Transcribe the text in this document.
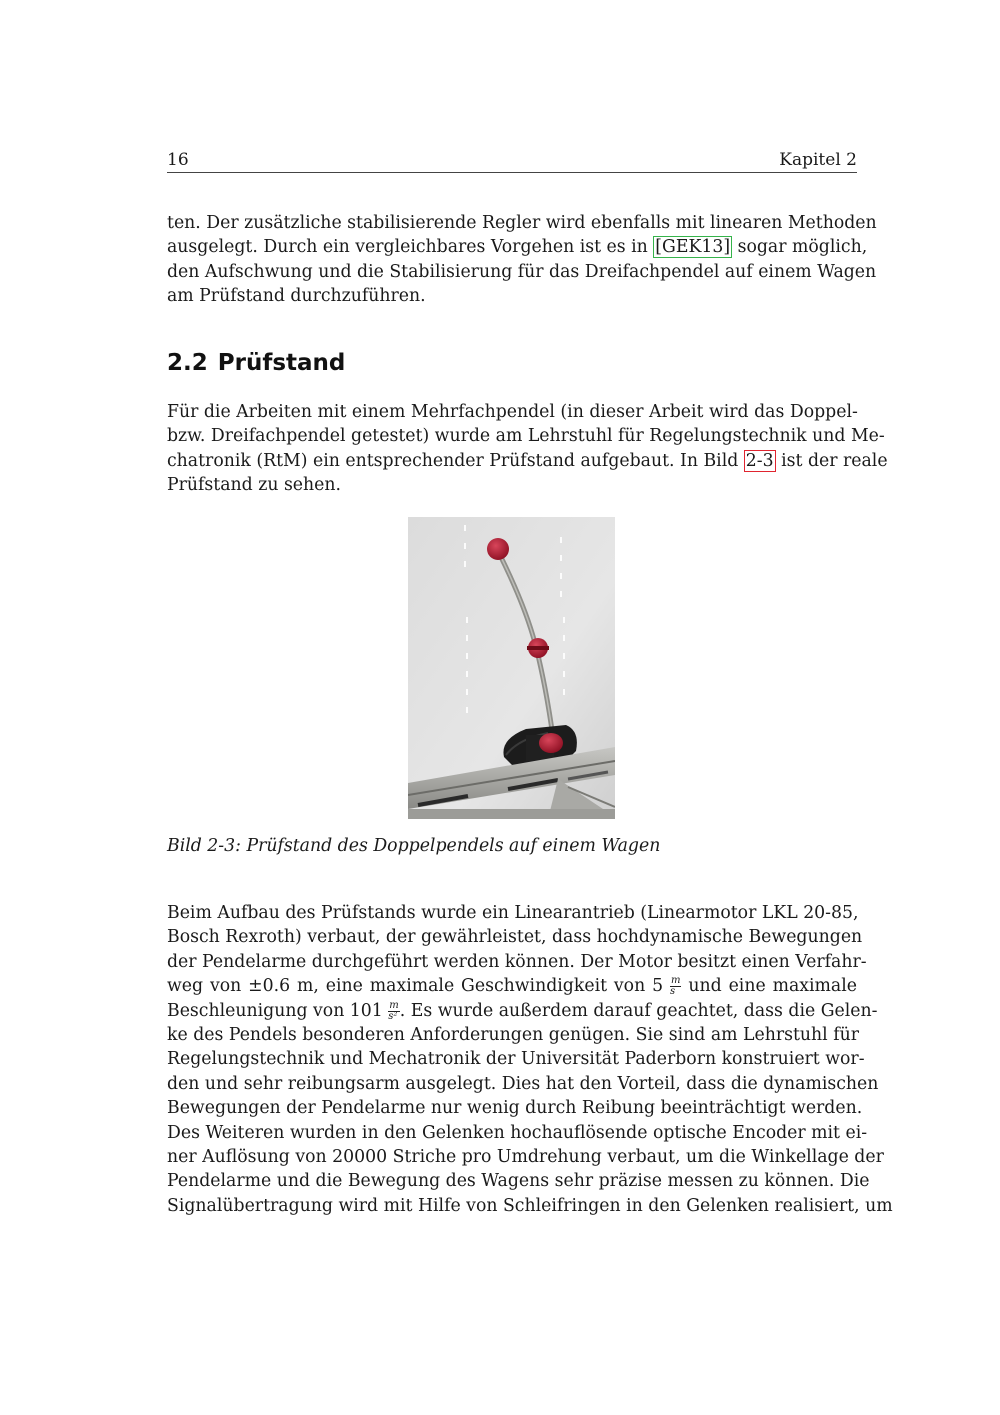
16	Kapitel 2

ten. Der zusätzliche stabilisierende Regler wird ebenfalls mit linearen Methoden
ausgelegt. Durch ein vergleichbares Vorgehen ist es in [GEK13] sogar möglich,
den Aufschwung und die Stabilisierung für das Dreifachpendel auf einem Wagen
am Prüfstand durchzuführen.

2.2 Prüfstand

Für die Arbeiten mit einem Mehrfachpendel (in dieser Arbeit wird das Doppel-
bzw. Dreifachpendel getestet) wurde am Lehrstuhl für Regelungstechnik und Me-
chatronik (RtM) ein entsprechender Prüfstand aufgebaut. In Bild 2-3 ist der reale
Prüfstand zu sehen.

Bild 2-3: Prüfstand des Doppelpendels auf einem Wagen

Beim Aufbau des Prüfstands wurde ein Linearantrieb (Linearmotor LKL 20-85,
Bosch Rexroth) verbaut, der gewährleistet, dass hochdynamische Bewegungen
der Pendelarme durchgeführt werden können. Der Motor besitzt einen Verfahr-
weg von ±0.6 m, eine maximale Geschwindigkeit von $5 \frac{m}{s}$ und eine maximale
Beschleunigung von $101 \frac{m}{\text{s²}}$ . Es wurde außerdem darauf geachtet, dass die Gelen-
ke des Pendels besonderen Anforderungen genügen. Sie sind am Lehrstuhl für
Regelungstechnik und Mechatronik der Universität Paderborn konstruiert wor-
den und sehr reibungsarm ausgelegt. Dies hat den Vorteil, dass die dynamischen
Bewegungen der Pendelarme nur wenig durch Reibung beeinträchtigt werden.
Des Weiteren wurden in den Gelenken hochauflösende optische Encoder mit ei-
ner Auflösung von 20000 Striche pro Umdrehung verbaut, um die Winkellage der
Pendelarme und die Bewegung des Wagens sehr präzise messen zu können. Die
Signalübertragung wird mit Hilfe von Schleifringen in den Gelenken realisiert, um
